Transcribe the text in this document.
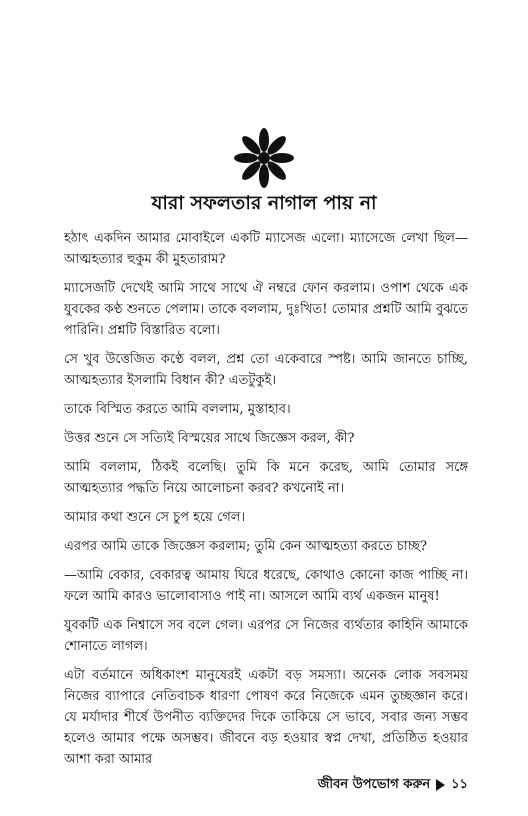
যারা সফলতার নাগাল পায় না

হঠাৎ একদিন আমার মোবাইলে একটি ম্যাসেজ এলো। ম্যাসেজে লেখা ছিল—আত্মহত্যার হুকুম কী মুহতারাম?

ম্যাসেজটি দেখেই আমি সাথে সাথে ঐ নম্বরে ফোন করলাম। ওপাশ থেকে এক যুবকের কণ্ঠ শুনতে পেলাম। তাকে বললাম, দুঃখিত! তোমার প্রশ্নটি আমি বুঝতে পারিনি। প্রশ্নটি বিস্তারিত বলো।

সে খুব উত্তেজিত কণ্ঠে বলল, প্রশ্ন তো একেবারে স্পষ্ট। আমি জানতে চাচ্ছি, আত্মহত্যার ইসলামি বিধান কী? এতটুকুই।

তাকে বিস্মিত করতে আমি বললাম, মুস্তাহাব।

উত্তর শুনে সে সত্যিই বিস্ময়ের সাথে জিজ্ঞেস করল, কী?

আমি বললাম, ঠিকই বলেছি। তুমি কি মনে করেছ, আমি তোমার সঙ্গে আত্মহত্যার পদ্ধতি নিয়ে আলোচনা করব? কখনোই না।

আমার কথা শুনে সে চুপ হয়ে গেল।

এরপর আমি তাকে জিজ্ঞেস করলাম; তুমি কেন আত্মহত্যা করতে চাচ্ছ?

—আমি বেকার, বেকারত্ব আমায় ঘিরে ধরেছে, কোথাও কোনো কাজ পাচ্ছি না। ফলে আমি কারও ভালোবাসাও পাই না। আসলে আমি ব্যর্থ একজন মানুষ!

যুবকটি এক নিশ্বাসে সব বলে গেল। এরপর সে নিজের ব্যর্থতার কাহিনি আমাকে শোনাতে লাগল।

এটা বর্তমানে অধিকাংশ মানুষেরই একটা বড় সমস্যা। অনেক লোক সবসময় নিজের ব্যাপারে নেতিবাচক ধারণা পোষণ করে নিজেকে এমন তুচ্ছজ্ঞান করে। যে মর্যাদার শীর্ষে উপনীত ব্যক্তিদের দিকে তাকিয়ে সে ভাবে, সবার জন্য সম্ভব হলেও আমার পক্ষে অসম্ভব। জীবনে বড় হওয়ার স্বপ্ন দেখা, প্রতিষ্ঠিত হওয়ার আশা করা আমার

জীবন উপভোগ করুন ১১
